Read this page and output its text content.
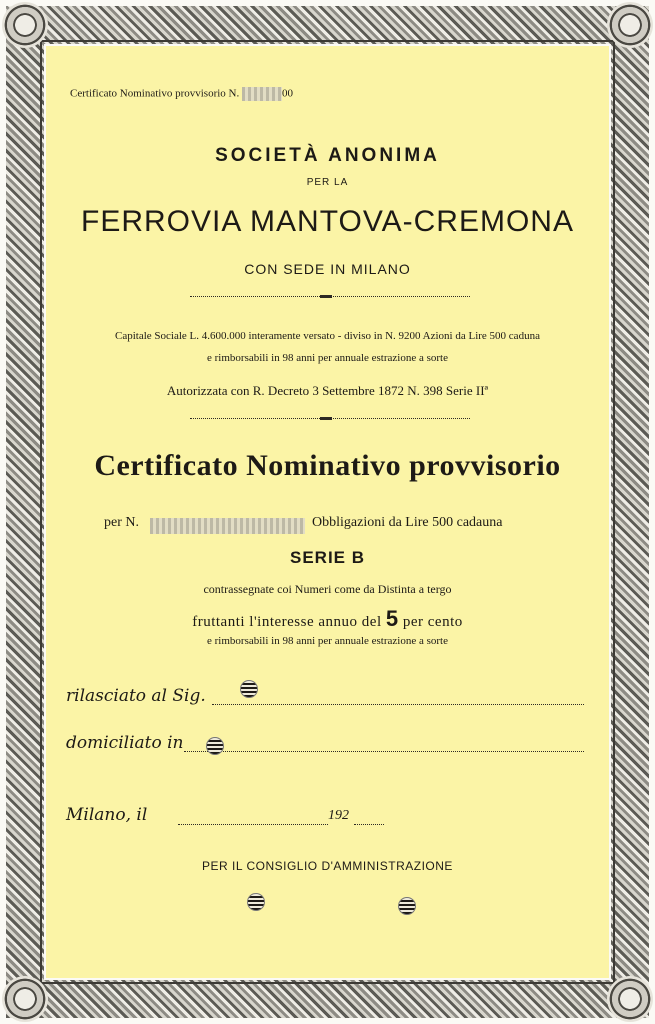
Certificato Nominativo provvisorio N.	00
SOCIETÀ ANONIMA
PER LA
FERROVIA MANTOVA-CREMONA
CON SEDE IN MILANO
Capitale Sociale L. 4.600.000 interamente versato - diviso in N. 9200 Azioni da Lire 500 caduna
e rimborsabili in 98 anni per annuale estrazione a sorte
Autorizzata con R. Decreto 3 Settembre 1872 N. 398 Serie IIª
Certificato Nominativo provvisorio
per N.	Obbligazioni da Lire 500 cadauna
SERIE B
contrassegnate coi Numeri come da Distinta a tergo
fruttanti l'interesse annuo del 5 per cento
e rimborsabili in 98 anni per annuale estrazione a sorte
rilasciato al Sig.
domiciliato in
Milano, il	192
PER IL CONSIGLIO D'AMMINISTRAZIONE
